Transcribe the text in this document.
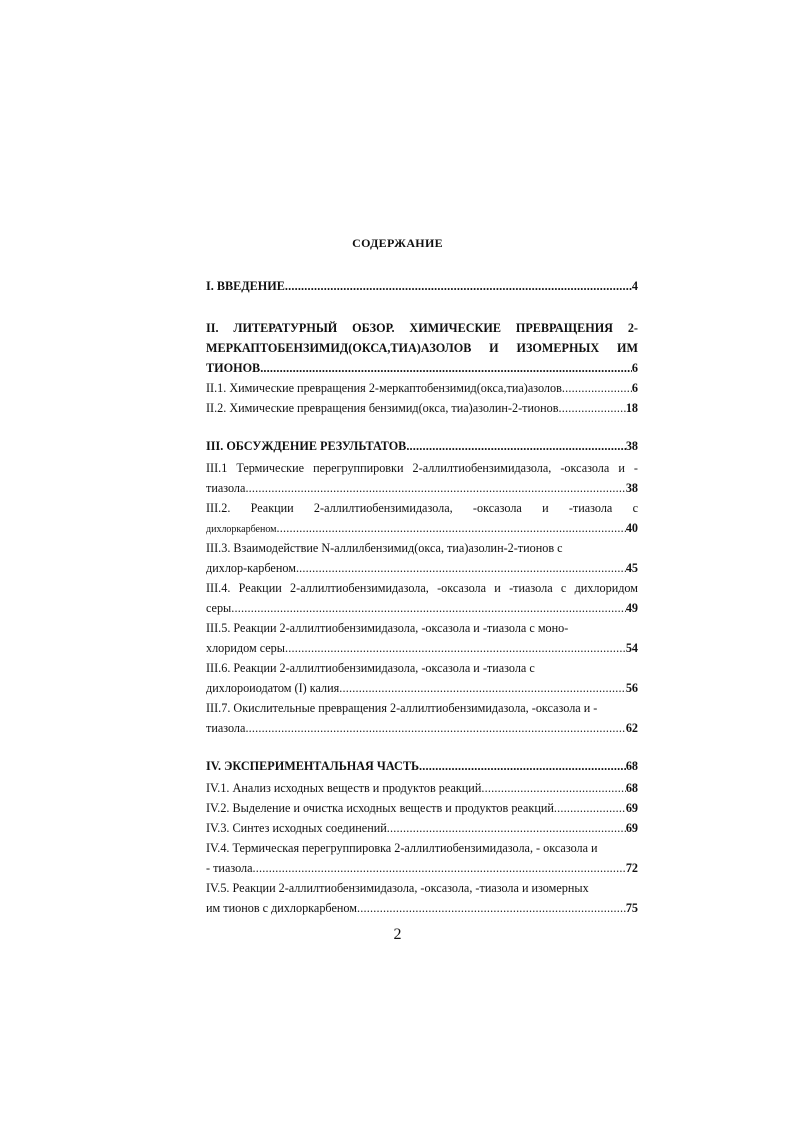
СОДЕРЖАНИЕ
I. ВВЕДЕНИЕ .....	4
II. ЛИТЕРАТУРНЫЙ ОБЗОР. ХИМИЧЕСКИЕ ПРЕВРАЩЕНИЯ 2-
МЕРКАПТОБЕНЗИМИД(ОКСА,ТИА)АЗОЛОВ И ИЗОМЕРНЫХ ИМ
ТИОНОВ .....	6
II.1. Химические превращения 2-меркаптобензимид(окса,тиа)азолов .....	6
II.2. Химические превращения бензимид(окса, тиа)азолин-2-тионов .....	18
III. ОБСУЖДЕНИЕ РЕЗУЛЬТАТОВ .....	38
III.1 Термические перегруппировки 2-аллилтиобензимидазола, -оксазола и -
тиазола .....	38
III.2. Реакции 2-аллилтиобензимидазола, -оксазола и -тиазола с
дихлоркарбеном .....	40
III.3. Взаимодействие N-аллилбензимид(окса, тиа)азолин-2-тионов с
дихлор-карбеном .....	45
III.4. Реакции 2-аллилтиобензимидазола, -оксазола и -тиазола с дихлоридом
серы .....	49
III.5. Реакции 2-аллилтиобензимидазола, -оксазола и -тиазола с моно-
хлоридом серы .....	54
III.6. Реакции 2-аллилтиобензимидазола, -оксазола и -тиазола с
дихлороиодатом (I) калия .....	56
III.7. Окислительные превращения 2-аллилтиобензимидазола, -оксазола и -
тиазола .....	62
IV. ЭКСПЕРИМЕНТАЛЬНАЯ ЧАСТЬ .....	68
IV.1. Анализ исходных веществ и продуктов реакций .....	68
IV.2. Выделение и очистка исходных веществ и продуктов реакций .....	69
IV.3. Синтез исходных соединений .....	69
IV.4. Термическая перегруппировка 2-аллилтиобензимидазола, - оксазола и
- тиазола .....	72
IV.5. Реакции 2-аллилтиобензимидазола, -оксазола, -тиазола и изомерных
им тионов с дихлоркарбеном .....	75
2
